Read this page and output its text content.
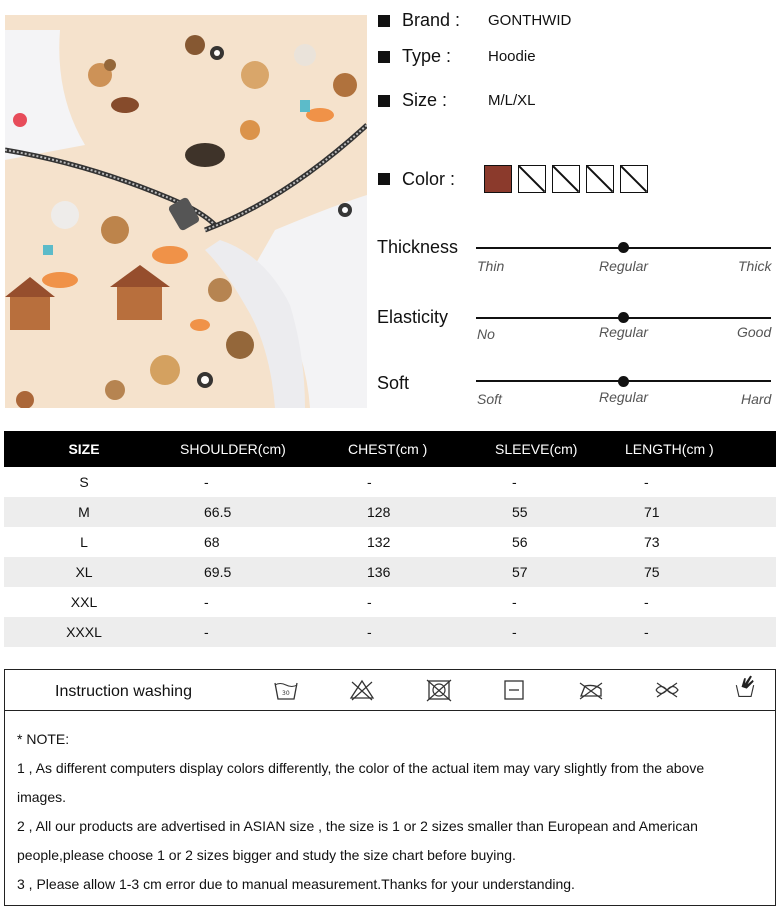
Brand :	GONTHWID
Type :	Hoodie
Size :	M/L/XL
Color :
Thickness
Thin	Regular	Thick
Elasticity
No	Regular	Good
Soft
Soft	Regular	Hard
SIZE	SHOULDER(cm)	CHEST(cm )	SLEEVE(cm)	LENGTH(cm )
S	-	-	-	-
M	66.5	128	55	71
L	68	132	56	73
XL	69.5	136	57	75
XXL	-	-	-	-
XXXL	-	-	-	-
Instruction washing	30
* NOTE:
1 , As different computers display colors differently, the color of the actual item may vary slightly from the above
images.
2 , All our products are advertised in ASIAN size , the size is 1 or 2 sizes smaller than European and American
people,please choose 1 or 2 sizes bigger and study the size chart before buying.
3 , Please allow 1-3 cm error due to manual measurement.Thanks for your understanding.
